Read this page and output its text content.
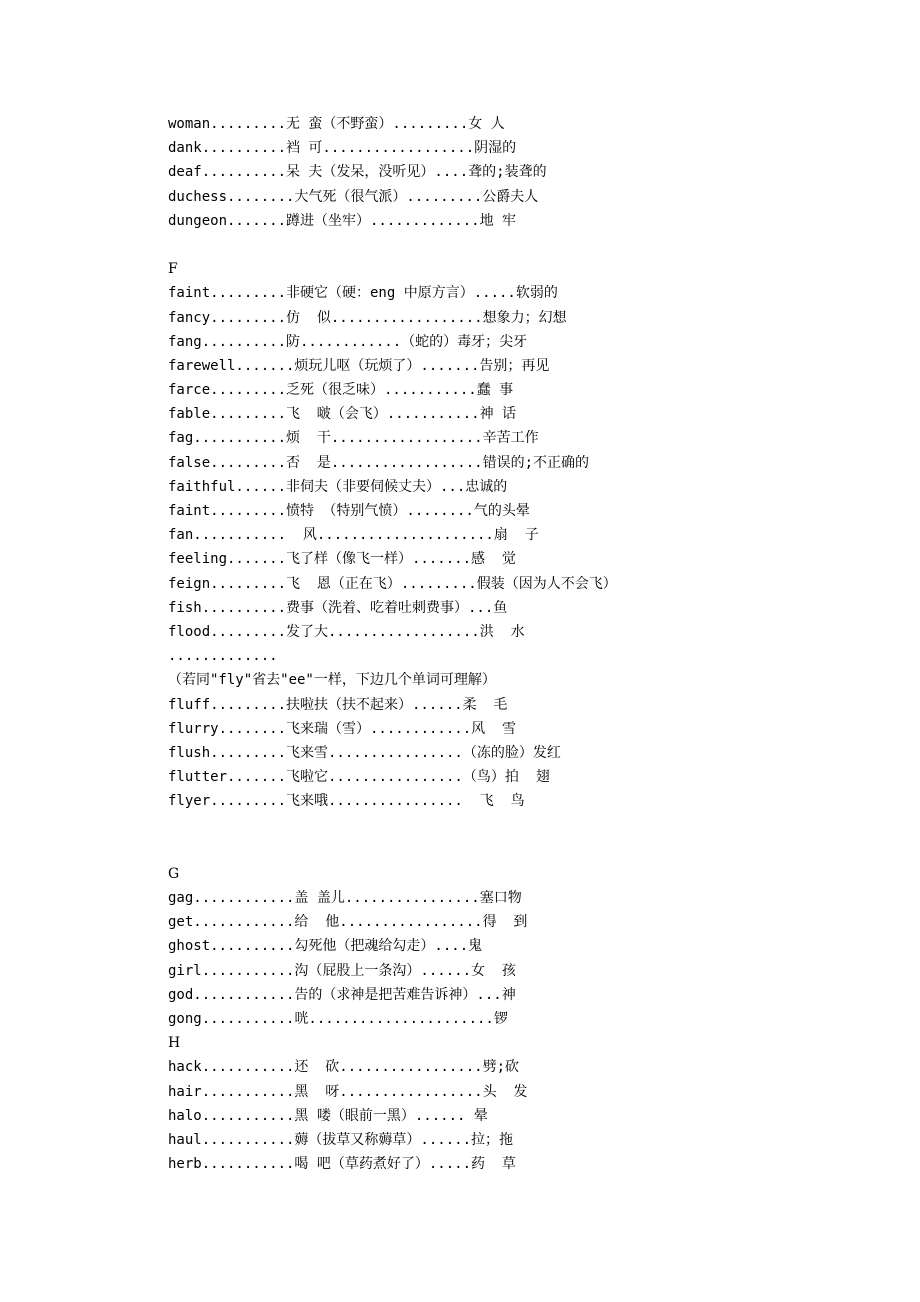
woman.........无 蛮（不野蛮）.........女 人
dank..........裆 可..................阴湿的
deaf..........呆 夫（发呆，没听见）....聋的;装聋的
duchess........大气死（很气派）.........公爵夫人
dungeon.......蹲进（坐牢）.............地 牢
F
faint.........非硬它（硬：eng 中原方言）.....软弱的
fancy.........仿  似..................想象力；幻想
fang..........防............（蛇的）毒牙；尖牙
farewell.......烦玩儿呕（玩烦了）.......告别；再见
farce.........乏死（很乏味）...........蠢 事
fable.........飞  啵（会飞）...........神 话
fag...........烦  干..................辛苦工作
false.........否  是..................错误的;不正确的
faithful......非伺夫（非要伺候丈夫）...忠诚的
faint.........愤特 （特别气愤）........气的头晕
fan...........  风.....................扇  子
feeling.......飞了样（像飞一样）.......感  觉
feign.........飞  恩（正在飞）.........假装（因为人不会飞）
fish..........费事（洗着、吃着吐刺费事）...鱼
flood.........发了大..................洪  水
.............
（若同"fly"省去"ee"一样，下边几个单词可理解）
fluff.........扶啦扶（扶不起来）......柔  毛
flurry........飞来瑞（雪）............风  雪
flush.........飞来雪................（冻的脸）发红
flutter.......飞啦它................（鸟）拍  翅
flyer.........飞来哦................  飞  鸟
G
gag............盖 盖儿................塞口物
get............给  他.................得  到
ghost..........勾死他（把魂给勾走）....鬼
girl...........沟（屁股上一条沟）......女  孩
god............告的（求神是把苦难告诉神）...神
gong...........咣......................锣
H
hack...........还  砍.................劈;砍
hair...........黑  呀.................头  发
halo...........黑 喽（眼前一黑）...... 晕
haul...........薅（拔草又称薅草）......拉；拖
herb...........喝 吧（草药煮好了）.....药  草
